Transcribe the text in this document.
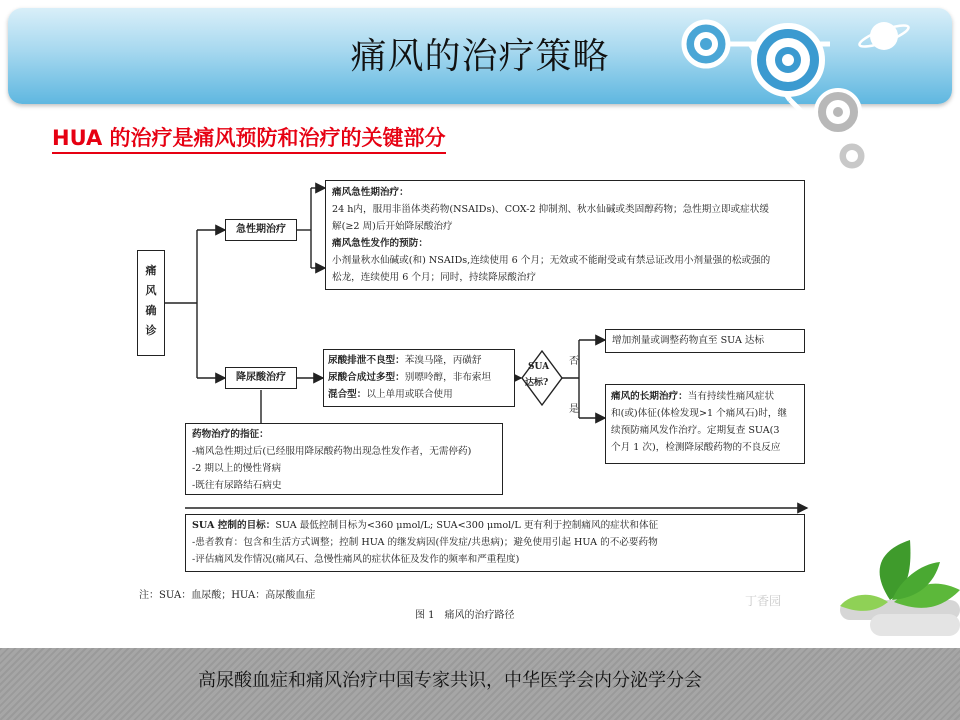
痛风的治疗策略
HUA 的治疗是痛风预防和治疗的关键部分
痛
风
确
诊
急性期治疗
降尿酸治疗
痛风急性期治疗：
24 h内，服用非甾体类药物(NSAIDs)、COX-2 抑制剂、秋水仙碱或类固醇药物；急性期立即或症状缓
解(≥2 周)后开始降尿酸治疗
痛风急性发作的预防：
小剂量秋水仙碱或(和) NSAIDs,连续使用 6 个月；无效或不能耐受或有禁忌证改用小剂量强的松或强的
松龙，连续使用 6 个月；同时，持续降尿酸治疗
尿酸排泄不良型：苯溴马隆，丙磺舒
尿酸合成过多型：别嘌呤醇，非布索坦
混合型：以上单用或联合使用
SUA
达标?
否
是
增加剂量或调整药物直至 SUA 达标
痛风的长期治疗：当有持续性痛风症状
和(或)体征(体检发现>1 个痛风石)时，继
续预防痛风发作治疗。定期复查 SUA(3
个月 1 次)，检测降尿酸药物的不良反应
药物治疗的指征：
-痛风急性期过后(已经服用降尿酸药物出现急性发作者，无需停药)
-2 期以上的慢性肾病
-既往有尿路结石病史
SUA 控制的目标：SUA 最低控制目标为<360 μmol/L; SUA<300 μmol/L 更有利于控制痛风的症状和体征
-患者教育：包含和生活方式调整；控制 HUA 的继发病因(伴发症/共患病)；避免使用引起 HUA 的不必要药物
-评估痛风发作情况(痛风石、急慢性痛风的症状体征及发作的频率和严重程度)
注：SUA：血尿酸；HUA：高尿酸血症
图 1　痛风的治疗路径
丁香园
高尿酸血症和痛风治疗中国专家共识，中华医学会内分泌学分会
